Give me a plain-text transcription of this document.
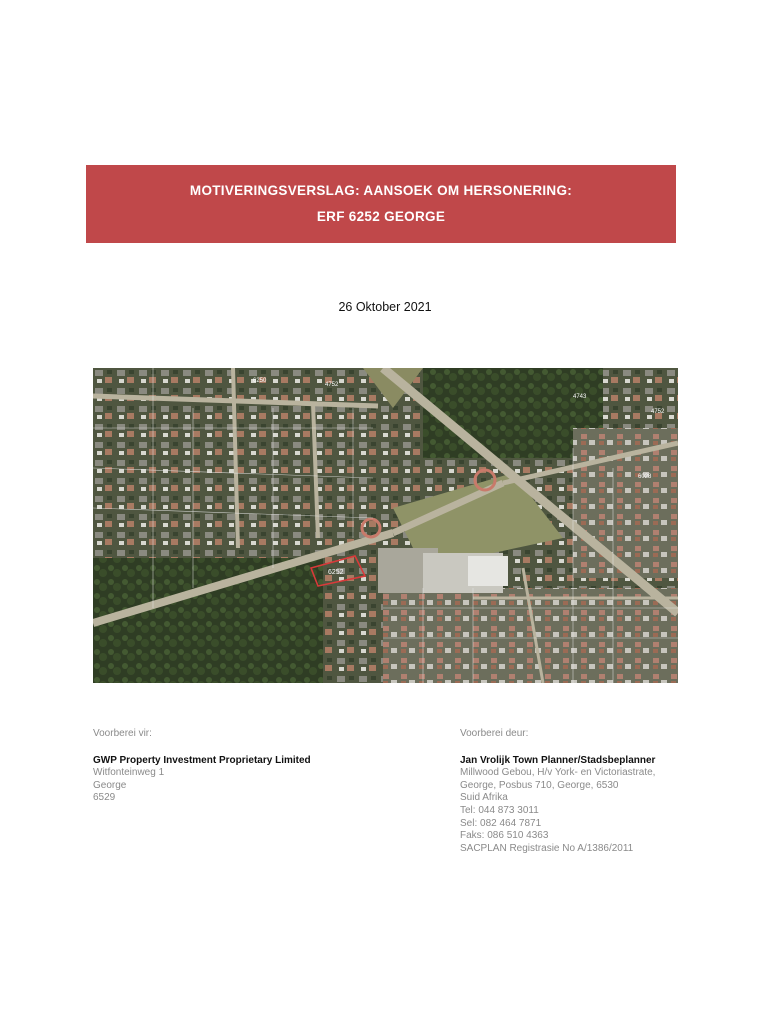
MOTIVERINGSVERSLAG: AANSOEK OM HERSONERING:
ERF 6252 GEORGE
26 Oktober 2021
6252
6250
4752
4752
6028
4743
Voorberei vir:
GWP Property Investment Proprietary Limited
Witfonteinweg 1
George
6529
Voorberei deur:
Jan Vrolijk Town Planner/Stadsbeplanner
Millwood Gebou, H/v York- en Victoriastrate,
George, Posbus 710, George, 6530
Suid Afrika
Tel: 044 873 3011
Sel: 082 464 7871
Faks: 086 510 4363
SACPLAN Registrasie No A/1386/2011
